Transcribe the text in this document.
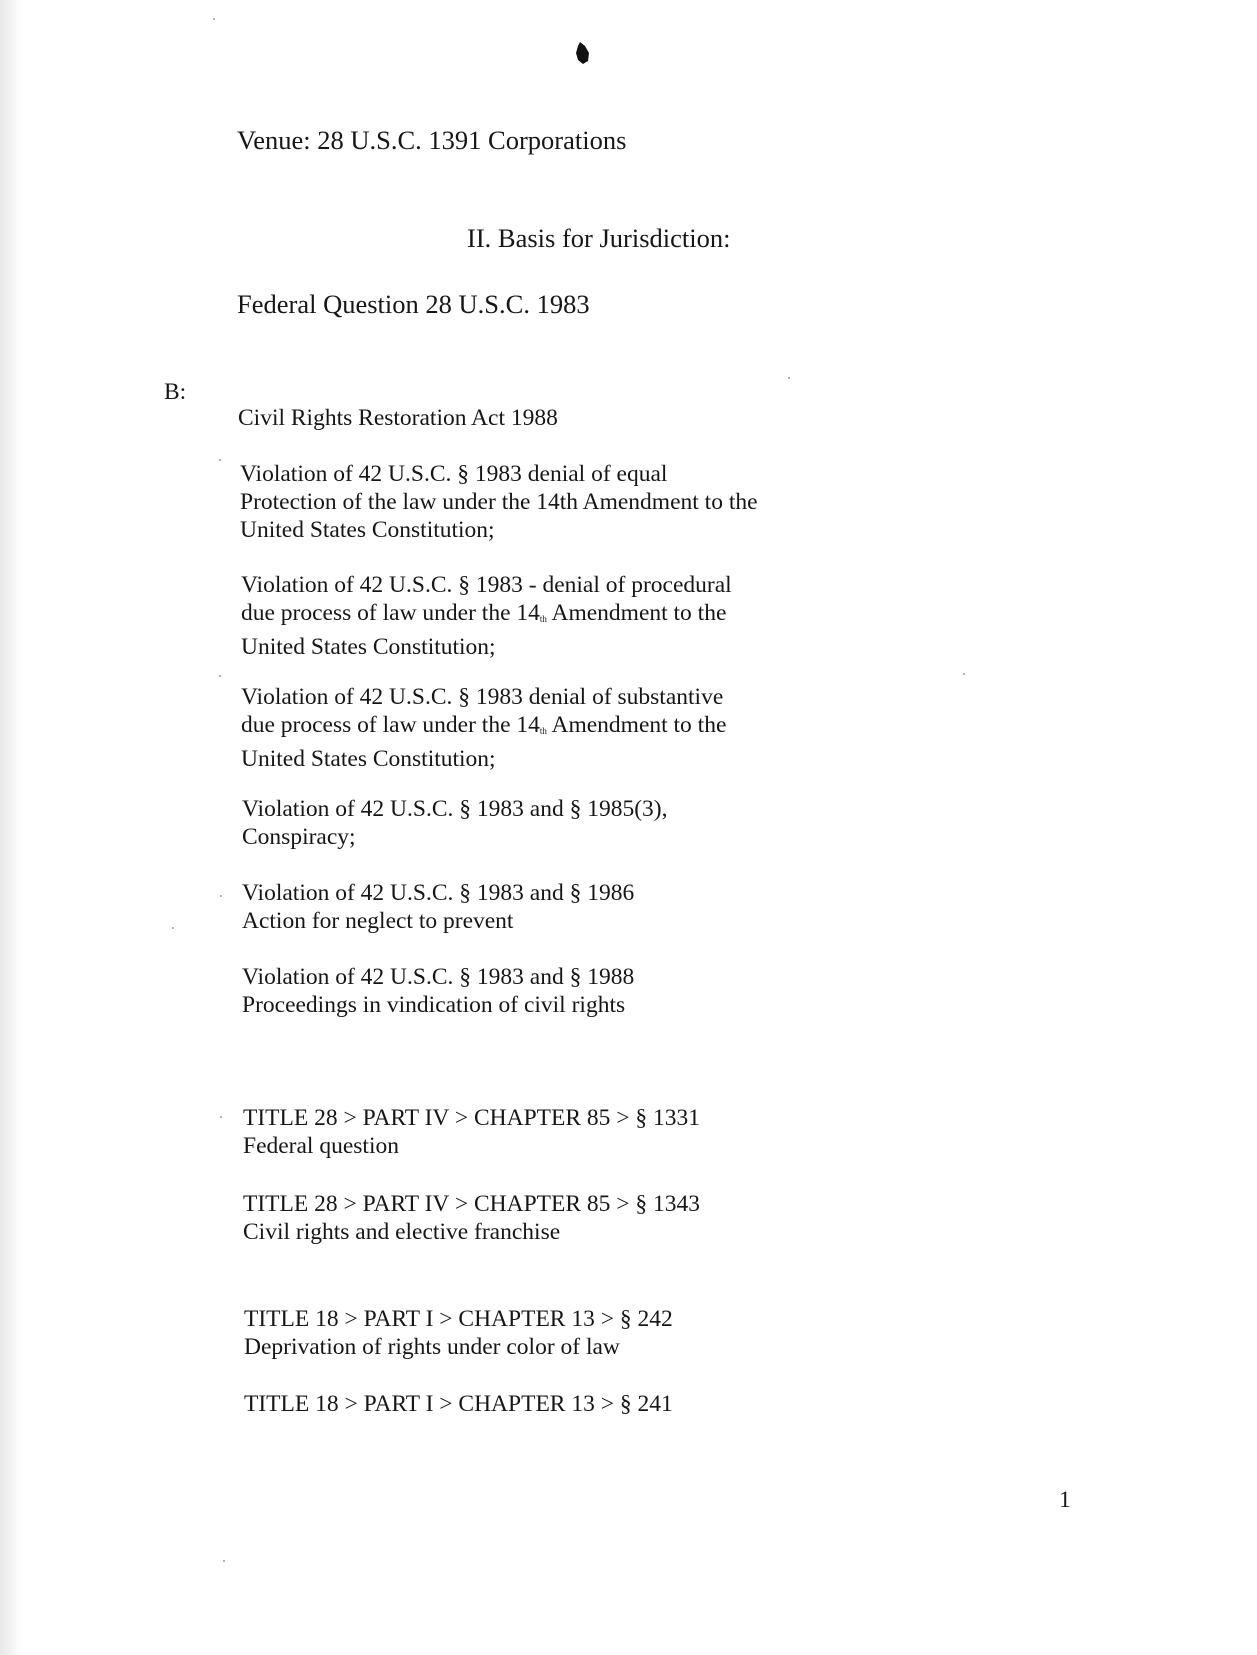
Venue: 28 U.S.C. 1391 Corporations
II. Basis for Jurisdiction:
Federal Question 28 U.S.C. 1983
B:
Civil Rights Restoration Act 1988
Violation of 42 U.S.C. § 1983 denial of equal
Protection of the law under the 14th Amendment to the
United States Constitution;
Violation of 42 U.S.C. § 1983 - denial of procedural
due process of law under the $14_{th}$ Amendment to the
United States Constitution;
Violation of 42 U.S.C. § 1983 denial of substantive
due process of law under the $14_{th}$ Amendment to the
United States Constitution;
Violation of 42 U.S.C. § 1983 and § 1985(3),
Conspiracy;
Violation of 42 U.S.C. § 1983 and § 1986
Action for neglect to prevent
Violation of 42 U.S.C. § 1983 and § 1988
Proceedings in vindication of civil rights
TITLE 28 > PART IV > CHAPTER 85 > § 1331
Federal question
TITLE 28 > PART IV > CHAPTER 85 > § 1343
Civil rights and elective franchise
TITLE 18 > PART I > CHAPTER 13 > § 242
Deprivation of rights under color of law
TITLE 18 > PART I > CHAPTER 13 > § 241
1
